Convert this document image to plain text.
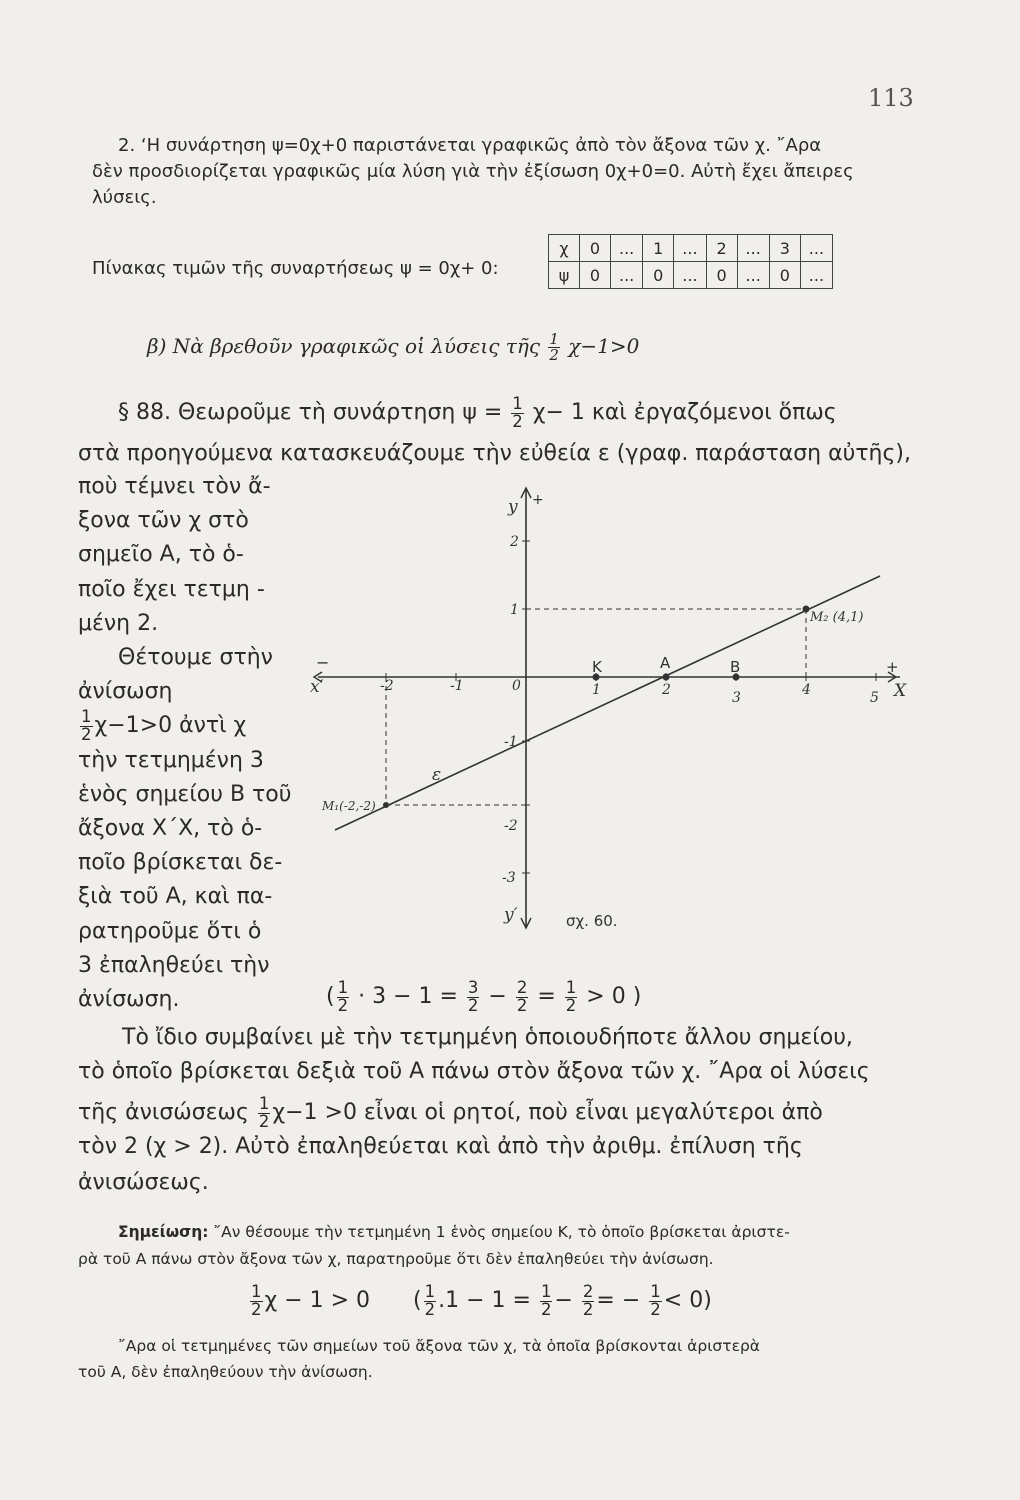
113
2. ‘Η συνάρτηση ψ=0χ+0 παριστάνεται γραφικῶς ἀπὸ τὸν ἄξονα τῶν χ. ῎Αρα
δὲν προσδιορίζεται γραφικῶς μία λύση γιὰ τὴν ἐξίσωση 0χ+0=0. Αὐτὴ ἔχει ἄπειρες
λύσεις.
Πίνακας τιμῶν τῆς συναρτήσεως ψ = 0χ+ 0:
χ	0	...	1	...	2	...	3	...
ψ	0	...	0	...	0	...	0	...
β) Νὰ βρεθοῦν γραφικῶς οἱ λύσεις τῆς $\frac{1}{2} \chi-1>0$
§ 88. Θεωροῦμε τὴ συνάρτηση $\psi = \frac{1}{2} \chi- 1$ καὶ ἐργαζόμενοι ὅπως
στὰ προηγούμενα κατασκευάζουμε τὴν εὐθεία ε (γραφ. παράσταση αὐτῆς),
ποὺ τέμνει τὸν ἄ-
ξονα τῶν χ στὸ
σημεῖο Α, τὸ ὁ-
ποῖο ἔχει τετμη -
μένη 2.
Θέτουμε στὴν
ἀνίσωση
$\frac{1}{2} \chi-1>0$ ἀντὶ χ
τὴν τετμημένη 3
ἑνὸς σημείου Β τοῦ
ἄξονα Χ΄Χ, τὸ ὁ-
ποῖο βρίσκεται δε-
ξιὰ τοῦ Α, καὶ πα-
ρατηροῦμε ὅτι ὁ
3 ἐπαληθεύει τὴν
ἀνίσωση.
-2	-1	0	1	2	3	4	5
2
1
-1
-2
-3
y +
y′
x′
−	+
X
K	A	B
M₂ (4,1)
M₁(-2,-2)
ε
σχ. 60.
( $\frac{1}{2} \cdot 3 - 1 = \frac{3}{2} - \frac{2}{2} = \frac{1}{2} > 0$ )
Τὸ ἴδιο συμβαίνει μὲ τὴν τετμημένη ὁποιουδήποτε ἄλλου σημείου,
τὸ ὁποῖο βρίσκεται δεξιὰ τοῦ Α πάνω στὸν ἄξονα τῶν χ. ῎Αρα οἱ λύσεις
τῆς ἀνισώσεως $\frac{1}{2} \chi-1 >0$ εἶναι οἱ ρητοί, ποὺ εἶναι μεγαλύτεροι ἀπὸ
τὸν 2 (χ > 2). Αὐτὸ ἐπαληθεύεται καὶ ἀπὸ τὴν ἀριθμ. ἐπίλυση τῆς
ἀνισώσεως.
Σημείωση: ῎Αν θέσουμε τὴν τετμημένη 1 ἑνὸς σημείου Κ, τὸ ὁποῖο βρίσκεται ἀριστε-
ρὰ τοῦ Α πάνω στὸν ἄξονα τῶν χ, παρατηροῦμε ὅτι δὲν ἐπαληθεύει τὴν ἀνίσωση.
$\frac{1}{2}$ χ − 1 > 0 ( $\frac{1}{2} .1 - 1 = \frac{1}{2} - \frac{2}{2}$ = − $\frac{1}{2} < 0$)
῎Αρα οἱ τετμημένες τῶν σημείων τοῦ ἄξονα τῶν χ, τὰ ὁποῖα βρίσκονται ἀριστερὰ
τοῦ Α, δὲν ἐπαληθεύουν τὴν ἀνίσωση.
